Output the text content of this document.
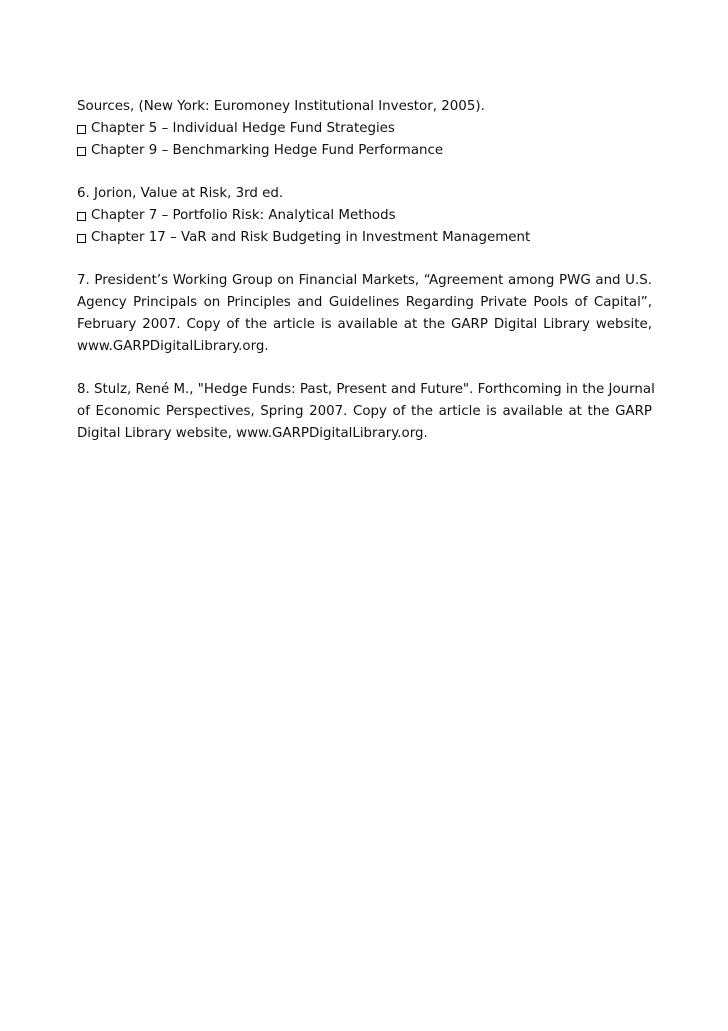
Sources, (New York: Euromoney Institutional Investor, 2005).
Chapter 5 – Individual Hedge Fund Strategies
Chapter 9 – Benchmarking Hedge Fund Performance
6. Jorion, Value at Risk, 3rd ed.
Chapter 7 – Portfolio Risk: Analytical Methods
Chapter 17 – VaR and Risk Budgeting in Investment Management
7. President’s Working Group on Financial Markets, “Agreement among PWG and U.S.
Agency Principals on Principles and Guidelines Regarding Private Pools of Capital”,
February 2007. Copy of the article is available at the GARP Digital Library website,
www.GARPDigitalLibrary.org.
8. Stulz, René M., "Hedge Funds: Past, Present and Future". Forthcoming in the Journal
of Economic Perspectives, Spring 2007. Copy of the article is available at the GARP
Digital Library website, www.GARPDigitalLibrary.org.
